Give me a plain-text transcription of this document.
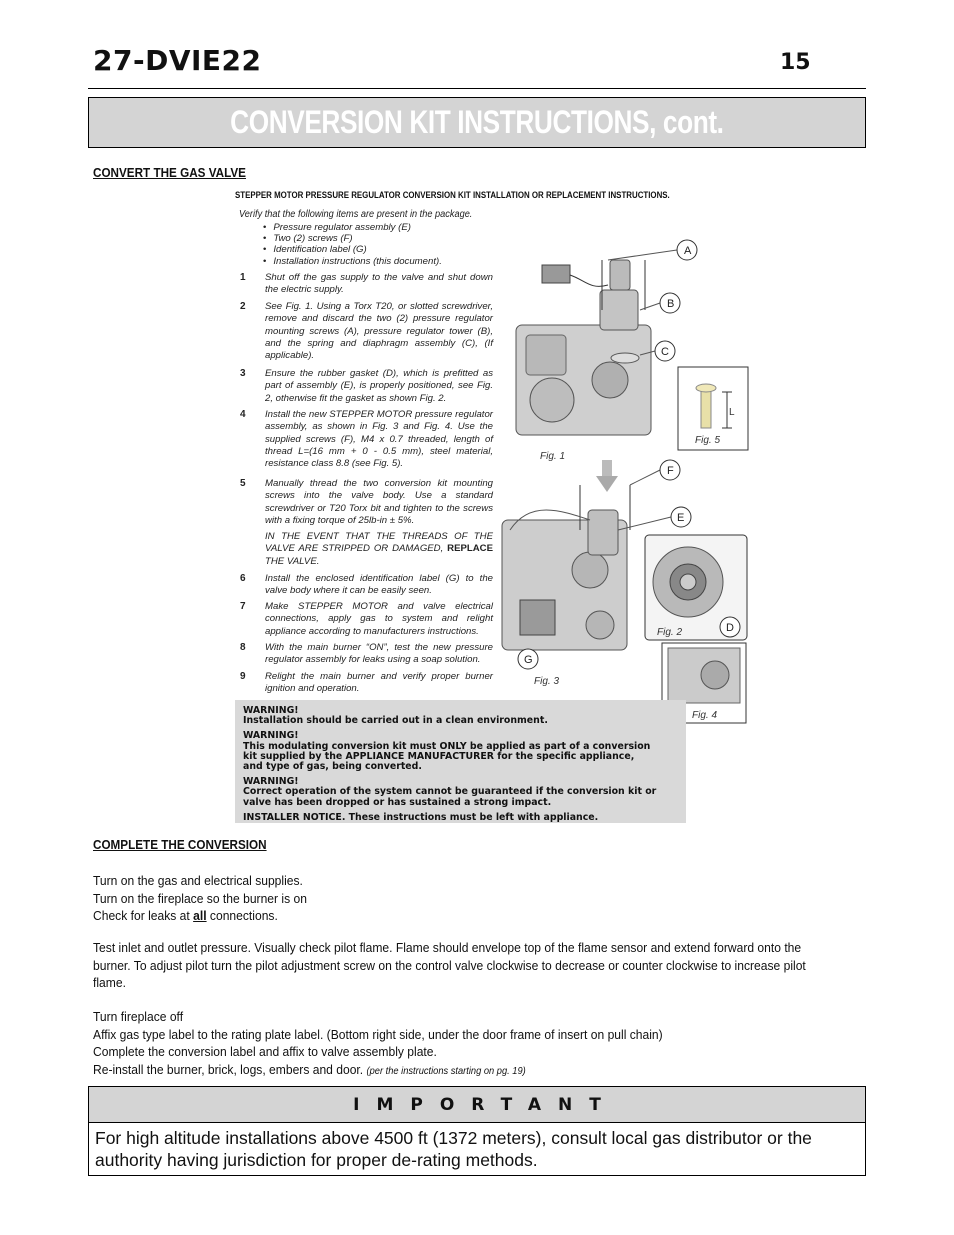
27-DVIE22	15
CONVERSION KIT INSTRUCTIONS, cont.
CONVERT THE GAS VALVE
STEPPER MOTOR PRESSURE REGULATOR CONVERSION KIT INSTALLATION OR REPLACEMENT INSTRUCTIONS.
Verify that the following items are present in the package.
• Pressure regulator assembly (E)
• Two (2) screws (F)
• Identification label (G)
• Installation instructions (this document).
1 Shut off the gas supply to the valve and shut down the electric supply.
2 See Fig. 1. Using a Torx T20, or slotted screwdriver, remove and discard the two (2) pressure regulator mounting screws (A), pressure regulator tower (B), and the spring and diaphragm assembly (C), (If applicable).
3 Ensure the rubber gasket (D), which is prefitted as part of assembly (E), is properly positioned, see Fig. 2, otherwise fit the gasket as shown Fig. 2.
4 Install the new STEPPER MOTOR pressure regulator assembly, as shown in Fig. 3 and Fig. 4. Use the supplied screws (F), M4 x 0.7 threaded, length of thread L=(16 mm + 0 - 0.5 mm), steel material, resistance class 8.8 (see Fig. 5).
5 Manually thread the two conversion kit mounting screws into the valve body. Use a standard screwdriver or T20 Torx bit and tighten to the screws with a fixing torque of 25lb-in ± 5%.
IN THE EVENT THAT THE THREADS OF THE VALVE ARE STRIPPED OR DAMAGED, REPLACE THE VALVE.
6 Install the enclosed identification label (G) to the valve body where it can be easily seen.
7 Make STEPPER MOTOR and valve electrical connections, apply gas to system and relight appliance according to manufacturers instructions.
8 With the main burner “ON”, test the new pressure regulator assembly for leaks using a soap solution.
9 Relight the main burner and verify proper burner ignition and operation.
Fig. 1
L
Fig. 5
Fig. 3
Fig. 2
A
B
C
F
E
D
G
Fig. 4
WARNING!
Installation should be carried out in a clean environment.
WARNING!
This modulating conversion kit must ONLY be applied as part of a conversion
kit supplied by the APPLIANCE MANUFACTURER for the specific appliance,
and type of gas, being converted.
WARNING!
Correct operation of the system cannot be guaranteed if the conversion kit or
valve has been dropped or has sustained a strong impact.
INSTALLER NOTICE. These instructions must be left with appliance.
COMPLETE THE CONVERSION
Turn on the gas and electrical supplies.
Turn on the fireplace so the burner is on
Check for leaks at all connections.
Test inlet and outlet pressure. Visually check pilot flame. Flame should envelope top of the flame sensor and extend forward onto the burner. To adjust pilot turn the pilot adjustment screw on the control valve clockwise to decrease or counter clockwise to increase pilot flame.
Turn fireplace off
Affix gas type label to the rating plate label. (Bottom right side, under the door frame of insert on pull chain)
Complete the conversion label and affix to valve assembly plate.
Re-install the burner, brick, logs, embers and door. (per the instructions starting on pg. 19)
IMPORTANT
For high altitude installations above 4500 ft (1372 meters), consult local gas distributor or the authority having jurisdiction for proper de-rating methods.
